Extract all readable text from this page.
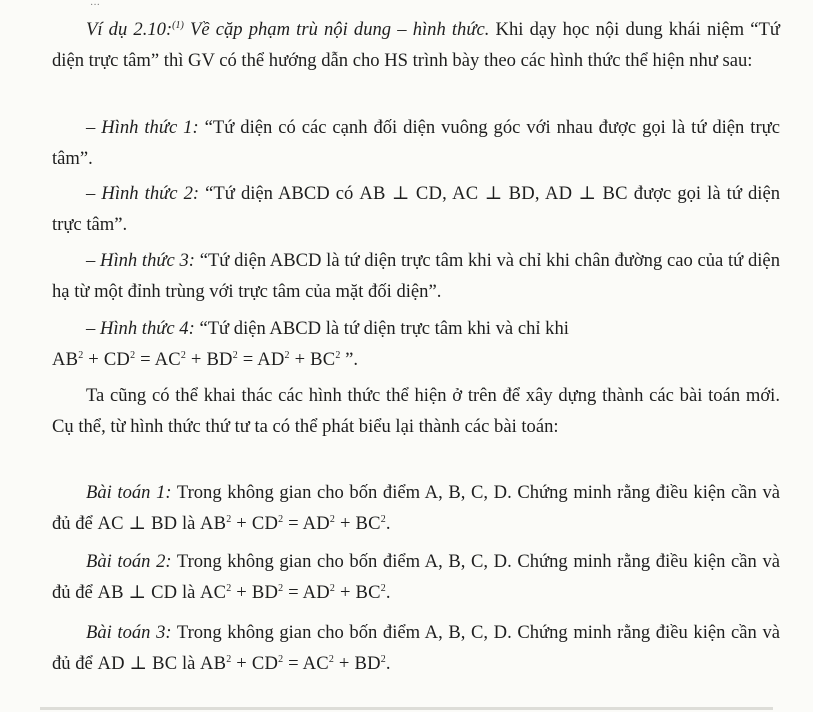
···

Ví dụ 2.10:$^{(1)}$ Về cặp phạm trù nội dung – hình thức. Khi dạy học nội dung khái niệm “Tứ diện trực tâm” thì GV có thể hướng dẫn cho HS trình bày theo các hình thức thể hiện như sau:

– Hình thức 1: “Tứ diện có các cạnh đối diện vuông góc với nhau được gọi là tứ diện trực tâm”.

– Hình thức 2: “Tứ diện ABCD có AB ⊥ CD, AC ⊥ BD, AD ⊥ BC được gọi là tứ diện trực tâm”.

– Hình thức 3: “Tứ diện ABCD là tứ diện trực tâm khi và chỉ khi chân đường cao của tứ diện hạ từ một đỉnh trùng với trực tâm của mặt đối diện”.

– Hình thức 4: “Tứ diện ABCD là tứ diện trực tâm khi và chỉ khi
$AB^2 + CD^2 = AC^2 + BD^2 = AD^2 + BC^2$ ”.

Ta cũng có thể khai thác các hình thức thể hiện ở trên để xây dựng thành các bài toán mới. Cụ thể, từ hình thức thứ tư ta có thể phát biểu lại thành các bài toán:

Bài toán 1: Trong không gian cho bốn điểm A, B, C, D. Chứng minh rằng điều kiện cần và đủ để AC ⊥ BD là $AB^2 + CD^2 = AD^2 + BC^2$.

Bài toán 2: Trong không gian cho bốn điểm A, B, C, D. Chứng minh rằng điều kiện cần và đủ để AB ⊥ CD là $AC^2 + BD^2 = AD^2 + BC^2$.

Bài toán 3: Trong không gian cho bốn điểm A, B, C, D. Chứng minh rằng điều kiện cần và đủ để AD ⊥ BC là $AB^2 + CD^2 = AC^2 + BD^2$.
